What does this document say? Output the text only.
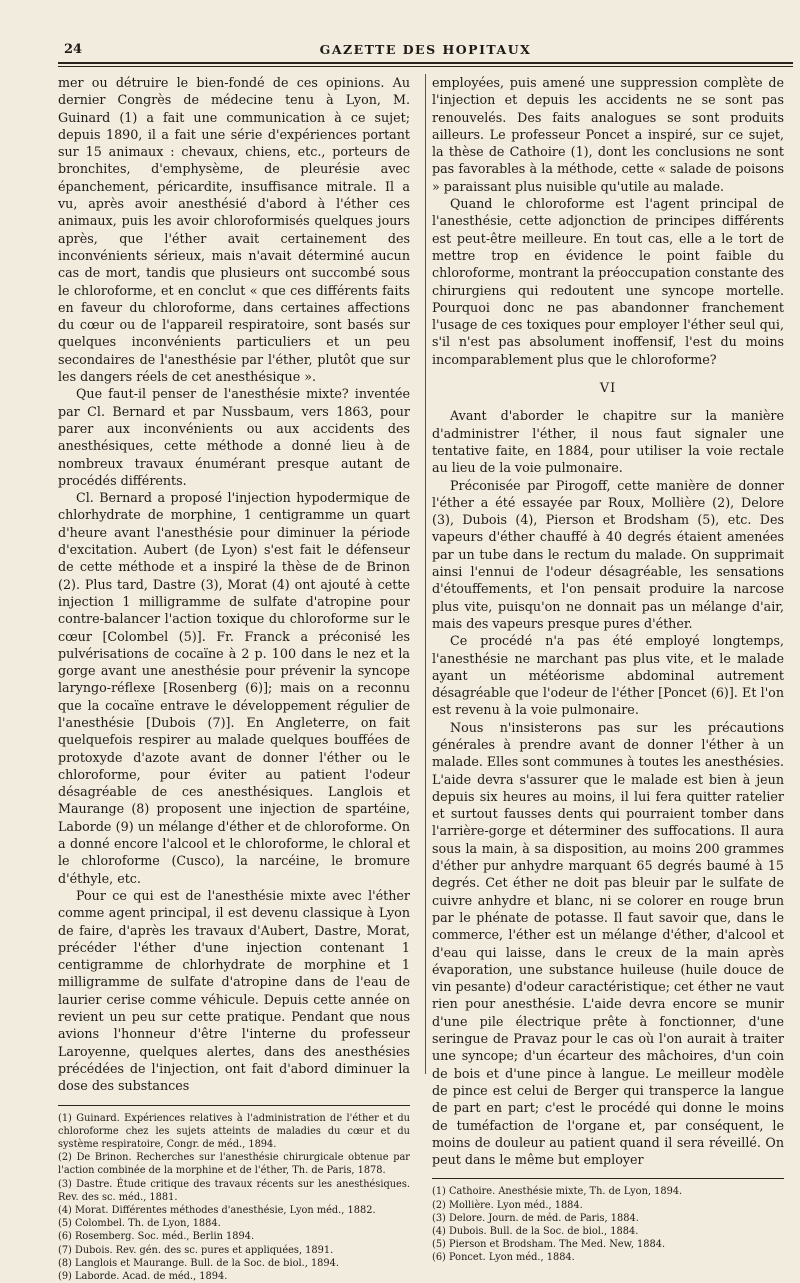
24	GAZETTE DES HOPITAUX

mer ou détruire le bien-fondé de ces opinions. Au dernier Congrès de médecine tenu à Lyon, M. Guinard (1) a fait une communication à ce sujet; depuis 1890, il a fait une série d'expériences portant sur 15 animaux : chevaux, chiens, etc., porteurs de bronchites, d'emphysème, de pleurésie avec épanchement, péricardite, insuffisance mitrale. Il a vu, après avoir anesthésié d'abord à l'éther ces animaux, puis les avoir chloroformisés quelques jours après, que l'éther avait certainement des inconvénients sérieux, mais n'avait déterminé aucun cas de mort, tandis que plusieurs ont succombé sous le chloroforme, et en conclut « que ces différents faits en faveur du chloroforme, dans certaines affections du cœur ou de l'appareil respiratoire, sont basés sur quelques inconvénients particuliers et un peu secondaires de l'anesthésie par l'éther, plutôt que sur les dangers réels de cet anesthésique ».

Que faut-il penser de l'anesthésie mixte? inventée par Cl. Bernard et par Nussbaum, vers 1863, pour parer aux inconvénients ou aux accidents des anesthésiques, cette méthode a donné lieu à de nombreux travaux énumérant presque autant de procédés différents.

Cl. Bernard a proposé l'injection hypodermique de chlorhydrate de morphine, 1 centigramme un quart d'heure avant l'anesthésie pour diminuer la période d'excitation. Aubert (de Lyon) s'est fait le défenseur de cette méthode et a inspiré la thèse de de Brinon (2). Plus tard, Dastre (3), Morat (4) ont ajouté à cette injection 1 milligramme de sulfate d'atropine pour contre-balancer l'action toxique du chloroforme sur le cœur [Colombel (5)]. Fr. Franck a préconisé les pulvérisations de cocaïne à 2 p. 100 dans le nez et la gorge avant une anesthésie pour prévenir la syncope laryngo-réflexe [Rosenberg (6)]; mais on a reconnu que la cocaïne entrave le développement régulier de l'anesthésie [Dubois (7)]. En Angleterre, on fait quelquefois respirer au malade quelques bouffées de protoxyde d'azote avant de donner l'éther ou le chloroforme, pour éviter au patient l'odeur désagréable de ces anesthésiques. Langlois et Maurange (8) proposent une injection de spartéine, Laborde (9) un mélange d'éther et de chloroforme. On a donné encore l'alcool et le chloroforme, le chloral et le chloroforme (Cusco), la narcéine, le bromure d'éthyle, etc.

Pour ce qui est de l'anesthésie mixte avec l'éther comme agent principal, il est devenu classique à Lyon de faire, d'après les travaux d'Aubert, Dastre, Morat, précéder l'éther d'une injection contenant 1 centigramme de chlorhydrate de morphine et 1 milligramme de sulfate d'atropine dans de l'eau de laurier cerise comme véhicule. Depuis cette année on revient un peu sur cette pratique. Pendant que nous avions l'honneur d'être l'interne du professeur Laroyenne, quelques alertes, dans des anesthésies précédées de l'injection, ont fait d'abord diminuer la dose des substances

(1) Guinard. Expériences relatives à l'administration de l'éther et du chloroforme chez les sujets atteints de maladies du cœur et du système respiratoire, Congr. de méd., 1894.
(2) De Brinon. Recherches sur l'anesthésie chirurgicale obtenue par l'action combinée de la morphine et de l'éther, Th. de Paris, 1878.
(3) Dastre. Étude critique des travaux récents sur les anesthésiques. Rev. des sc. méd., 1881.
(4) Morat. Différentes méthodes d'anesthésie, Lyon méd., 1882.
(5) Colombel. Th. de Lyon, 1884.
(6) Rosemberg. Soc. méd., Berlin 1894.
(7) Dubois. Rev. gén. des sc. pures et appliquées, 1891.
(8) Langlois et Maurange. Bull. de la Soc. de biol., 1894.
(9) Laborde. Acad. de méd., 1894.

employées, puis amené une suppression complète de l'injection et depuis les accidents ne se sont pas renouvelés. Des faits analogues se sont produits ailleurs. Le professeur Poncet a inspiré, sur ce sujet, la thèse de Cathoire (1), dont les conclusions ne sont pas favorables à la méthode, cette « salade de poisons » paraissant plus nuisible qu'utile au malade.

Quand le chloroforme est l'agent principal de l'anesthésie, cette adjonction de principes différents est peut-être meilleure. En tout cas, elle a le tort de mettre trop en évidence le point faible du chloroforme, montrant la préoccupation constante des chirurgiens qui redoutent une syncope mortelle. Pourquoi donc ne pas abandonner franchement l'usage de ces toxiques pour employer l'éther seul qui, s'il n'est pas absolument inoffensif, l'est du moins incomparablement plus que le chloroforme?

VI

Avant d'aborder le chapitre sur la manière d'administrer l'éther, il nous faut signaler une tentative faite, en 1884, pour utiliser la voie rectale au lieu de la voie pulmonaire.

Préconisée par Pirogoff, cette manière de donner l'éther a été essayée par Roux, Mollière (2), Delore (3), Dubois (4), Pierson et Brodsham (5), etc. Des vapeurs d'éther chauffé à 40 degrés étaient amenées par un tube dans le rectum du malade. On supprimait ainsi l'ennui de l'odeur désagréable, les sensations d'étouffements, et l'on pensait produire la narcose plus vite, puisqu'on ne donnait pas un mélange d'air, mais des vapeurs presque pures d'éther.

Ce procédé n'a pas été employé longtemps, l'anesthésie ne marchant pas plus vite, et le malade ayant un météorisme abdominal autrement désagréable que l'odeur de l'éther [Poncet (6)]. Et l'on est revenu à la voie pulmonaire.

Nous n'insisterons pas sur les précautions générales à prendre avant de donner l'éther à un malade. Elles sont communes à toutes les anesthésies. L'aide devra s'assurer que le malade est bien à jeun depuis six heures au moins, il lui fera quitter ratelier et surtout fausses dents qui pourraient tomber dans l'arrière-gorge et déterminer des suffocations. Il aura sous la main, à sa disposition, au moins 200 grammes d'éther pur anhydre marquant 65 degrés baumé à 15 degrés. Cet éther ne doit pas bleuir par le sulfate de cuivre anhydre et blanc, ni se colorer en rouge brun par le phénate de potasse. Il faut savoir que, dans le commerce, l'éther est un mélange d'éther, d'alcool et d'eau qui laisse, dans le creux de la main après évaporation, une substance huileuse (huile douce de vin pesante) d'odeur caractéristique; cet éther ne vaut rien pour anesthésie. L'aide devra encore se munir d'une pile électrique prête à fonctionner, d'une seringue de Pravaz pour le cas où l'on aurait à traiter une syncope; d'un écarteur des mâchoires, d'un coin de bois et d'une pince à langue. Le meilleur modèle de pince est celui de Berger qui transperce la langue de part en part; c'est le procédé qui donne le moins de tuméfaction de l'organe et, par conséquent, le moins de douleur au patient quand il sera réveillé. On peut dans le même but employer

(1) Cathoire. Anesthésie mixte, Th. de Lyon, 1894.
(2) Mollière. Lyon méd., 1884.
(3) Delore. Journ. de méd. de Paris, 1884.
(4) Dubois. Bull. de la Soc. de biol., 1884.
(5) Pierson et Brodsham. The Med. New, 1884.
(6) Poncet. Lyon méd., 1884.
